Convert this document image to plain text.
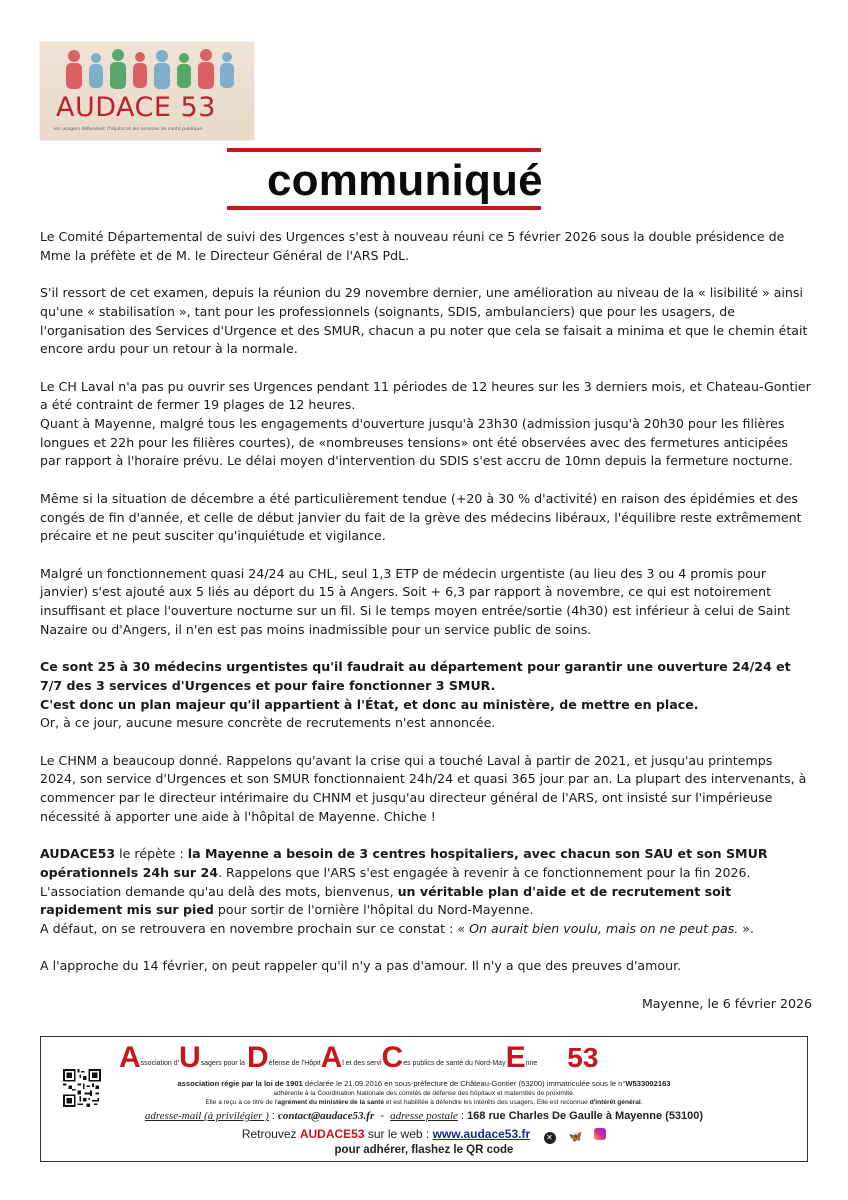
AUDACE 53
les usagers défendent l'hôpital et les services de santé publique
communiqué

Le Comité Départemental de suivi des Urgences s'est à nouveau réuni ce 5 février 2026 sous la double présidence de Mme la préfète et de M. le Directeur Général de l'ARS PdL.

S'il ressort de cet examen, depuis la réunion du 29 novembre dernier, une amélioration au niveau de la « lisibilité » ainsi qu'une « stabilisation », tant pour les professionnels (soignants, SDIS, ambulanciers) que pour les usagers, de l'organisation des Services d'Urgence et des SMUR, chacun a pu noter que cela se faisait a minima et que le chemin était encore ardu pour un retour à la normale.

Le CH Laval n'a pas pu ouvrir ses Urgences pendant 11 périodes de 12 heures sur les 3 derniers mois, et Chateau-Gontier a été contraint de fermer 19 plages de 12 heures.

Quant à Mayenne, malgré tous les engagements d'ouverture jusqu'à 23h30 (admission jusqu'à 20h30 pour les filières longues et 22h pour les filières courtes), de «nombreuses tensions» ont été observées avec des fermetures anticipées par rapport à l'horaire prévu. Le délai moyen d'intervention du SDIS s'est accru de 10mn depuis la fermeture nocturne.

Même si la situation de décembre a été particulièrement tendue (+20 à 30 % d'activité) en raison des épidémies et des congés de fin d'année, et celle de début janvier du fait de la grève des médecins libéraux, l'équilibre reste extrêmement précaire et ne peut susciter qu'inquiétude et vigilance.

Malgré un fonctionnement quasi 24/24 au CHL, seul 1,3 ETP de médecin urgentiste (au lieu des 3 ou 4 promis pour janvier) s'est ajouté aux 5 liés au déport du 15 à Angers. Soit + 6,3 par rapport à novembre, ce qui est notoirement insuffisant et place l'ouverture nocturne sur un fil. Si le temps moyen entrée/sortie (4h30) est inférieur à celui de Saint Nazaire ou d'Angers, il n'en est pas moins inadmissible pour un service public de soins.

Ce sont 25 à 30 médecins urgentistes qu'il faudrait au département pour garantir une ouverture 24/24 et 7/7 des 3 services d'Urgences et pour faire fonctionner 3 SMUR.

C'est donc un plan majeur qu'il appartient à l'État, et donc au ministère, de mettre en place.

Or, à ce jour, aucune mesure concrète de recrutements n'est annoncée.

Le CHNM a beaucoup donné. Rappelons qu'avant la crise qui a touché Laval à partir de 2021, et jusqu'au printemps 2024, son service d'Urgences et son SMUR fonctionnaient 24h/24 et quasi 365 jour par an. La plupart des intervenants, à commencer par le directeur intérimaire du CHNM et jusqu'au directeur général de l'ARS, ont insisté sur l'impérieuse nécessité à apporter une aide à l'hôpital de Mayenne. Chiche !

AUDACE53 le répète : la Mayenne a besoin de 3 centres hospitaliers, avec chacun son SAU et son SMUR opérationnels 24h sur 24. Rappelons que l'ARS s'est engagée à revenir à ce fonctionnement pour la fin 2026.

L'association demande qu'au delà des mots, bienvenus, un véritable plan d'aide et de recrutement soit rapidement mis sur pied pour sortir de l'ornière l'hôpital du Nord-Mayenne.

A défaut, on se retrouvera en novembre prochain sur ce constat : « On aurait bien voulu, mais on ne peut pas. ».

A l'approche du 14 février, on peut rappeler qu'il n'y a pas d'amour. Il n'y a que des preuves d'amour.

Mayenne, le 6 février 2026

Association d'Usagers pour la Défense de l'HôpitAl et des serviCes publics de santé du Nord-MayEnne 53
association régie par la loi de 1901 déclarée le 21.09.2016 en sous-préfecture de Château-Gontier (53200) immatriculée sous le n°W533002163
adhérente à la Coordination Nationale des comités de défense des hôpitaux et maternités de proximité.
Elle a reçu à ce titre de l'agrément du ministère de la santé et est habilitée à défendre les intérêts des usagers. Elle est reconnue d'intérêt général.
adresse-mail (à privilégier ) : contact@audace53.fr  -  adresse postale : 168 rue Charles De Gaulle à Mayenne (53100)
Retrouvez AUDACE53 sur le web : www.audace53.fr ✕ 🦋
pour adhérer, flashez le QR code
